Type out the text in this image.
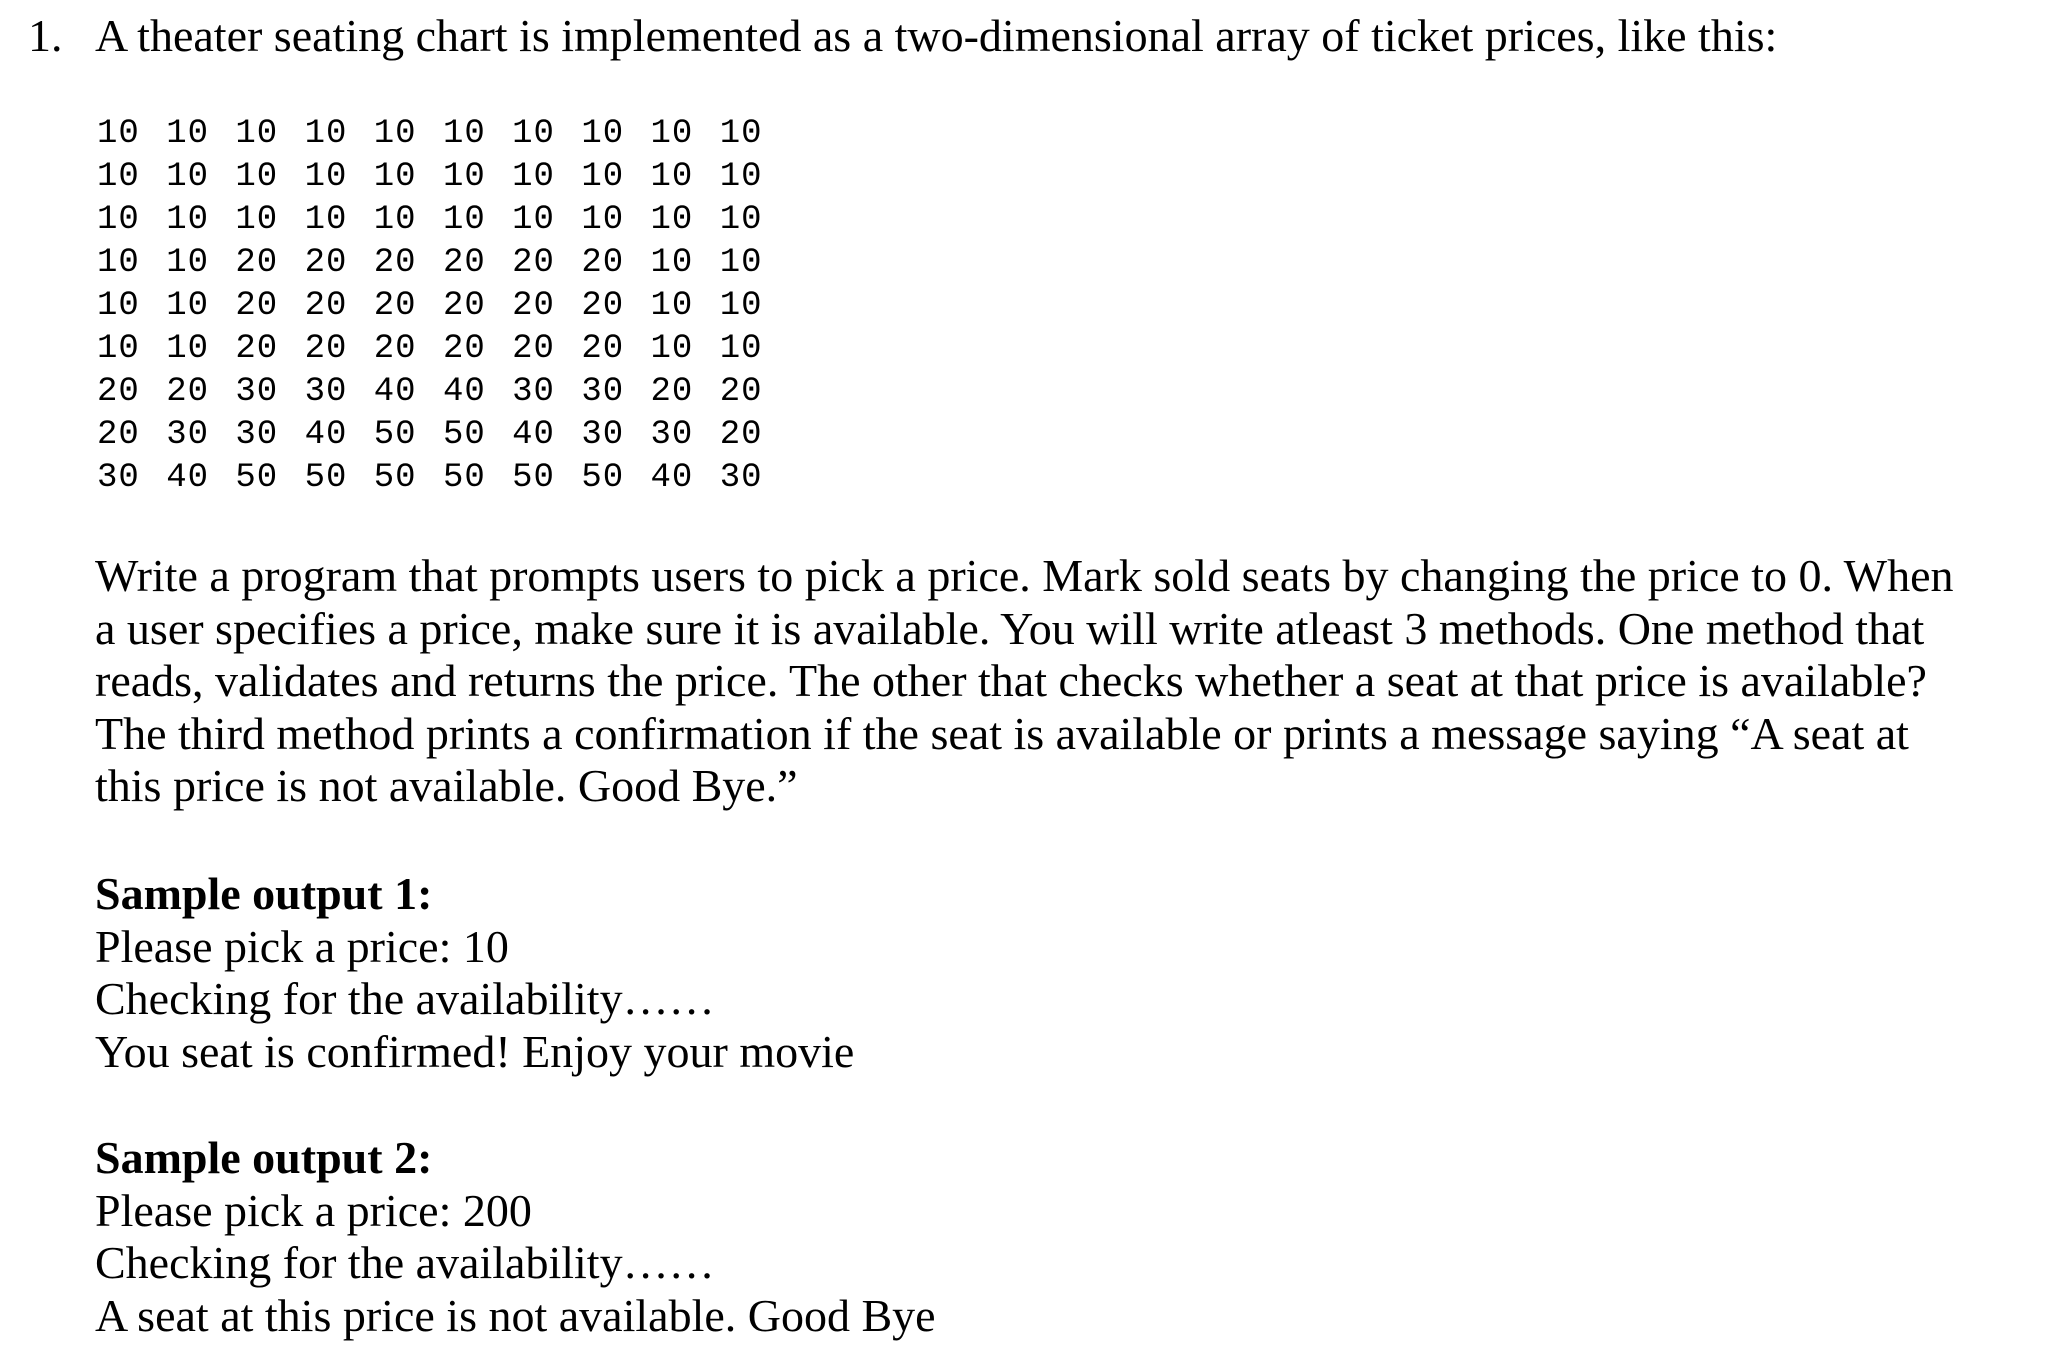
1. A theater seating chart is implemented as a two-dimensional array of ticket prices, like this:
10 10 10 10 10 10 10 10 10 10
10 10 10 10 10 10 10 10 10 10
10 10 10 10 10 10 10 10 10 10
10 10 20 20 20 20 20 20 10 10
10 10 20 20 20 20 20 20 10 10
10 10 20 20 20 20 20 20 10 10
20 20 30 30 40 40 30 30 20 20
20 30 30 40 50 50 40 30 30 20
30 40 50 50 50 50 50 50 40 30
Write a program that prompts users to pick a price. Mark sold seats by changing the price to 0. When
a user specifies a price, make sure it is available. You will write atleast 3 methods. One method that
reads, validates and returns the price. The other that checks whether a seat at that price is available?
The third method prints a confirmation if the seat is available or prints a message saying “A seat at
this price is not available. Good Bye.”
Sample output 1:
Please pick a price: 10
Checking for the availability……
You seat is confirmed! Enjoy your movie
Sample output 2:
Please pick a price: 200
Checking for the availability……
A seat at this price is not available. Good Bye
